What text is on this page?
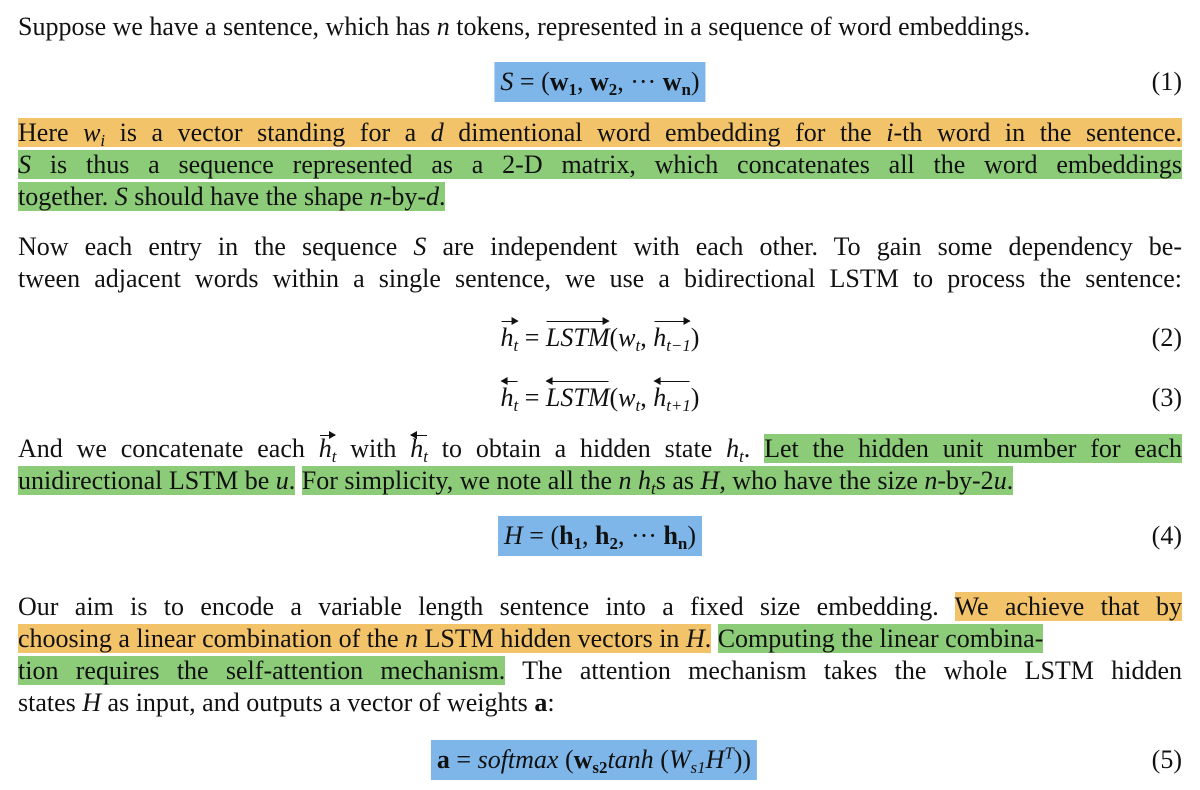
Suppose we have a sentence, which has n tokens, represented in a sequence of word embeddings.
$S = (w_1$, $w_2$, ··· $w_n$)	(1)
Here $w_i$ is a vector standing for a d dimentional word embedding for the i-th word in the sentence.
S is thus a sequence represented as a 2-D matrix, which concatenates all the word embeddings
together. S should have the shape n-by-d.
Now each entry in the sequence S are independent with each other. To gain some dependency be-
tween adjacent words within a single sentence, we use a bidirectional LSTM to process the sentence:
$h_t$ = $LSTM(w_t$, $h_{t-1}$)	(2)
$h_t$ = $LSTM(w_t$, $h_{t+1}$)	(3)
And we concatenate each $h_t$ with $h_t$ to obtain a hidden state $h_t$. Let the hidden unit number for each
unidirectional LSTM be u. For simplicity, we note all the n $h_ts$ as H, who have the size n-by-2u.
$H = (h_1$, $h_2$, ··· $h_n$)	(4)
Our aim is to encode a variable length sentence into a fixed size embedding. We achieve that by
choosing a linear combination of the n LSTM hidden vectors in H. Computing the linear combina-
tion requires the self-attention mechanism. The attention mechanism takes the whole LSTM hidden
states H as input, and outputs a vector of weights a:
a = softmax ($w_{s2}\tanh$ $(W_{s1}H^T)$)	(5)
